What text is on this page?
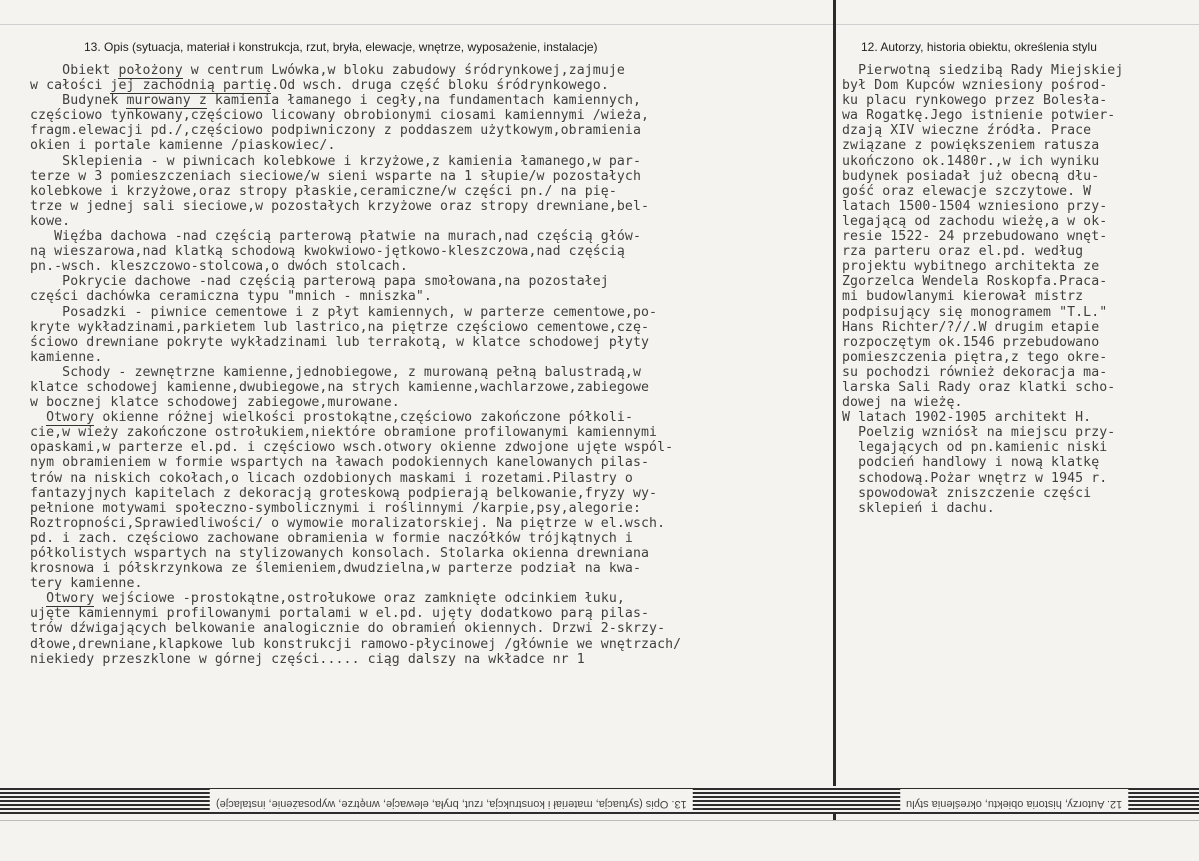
13. Opis (sytuacja, materiał i konstrukcja, rzut, bryła, elewacje, wnętrze, wyposażenie, instalacje)	12. Autorzy, historia obiektu, określenia stylu
Obiekt położony w centrum Lwówka,w bloku zabudowy śródrynkowej,zajmuje
w całości jej zachodnią partię.Od wsch. druga część bloku śródrynkowego.
Budynek murowany z kamienia łamanego i cegły,na fundamentach kamiennych,
częściowo tynkowany,częściowo licowany obrobionymi ciosami kamiennymi /wieża,
fragm.elewacji pd./,częściowo podpiwniczony z poddaszem użytkowym,obramienia
okien i portale kamienne /piaskowiec/.
Sklepienia - w piwnicach kolebkowe i krzyżowe,z kamienia łamanego,w par-
terze w 3 pomieszczeniach sieciowe/w sieni wsparte na 1 słupie/w pozostałych
kolebkowe i krzyżowe,oraz stropy płaskie,ceramiczne/w części pn./ na pię-
trze w jednej sali sieciowe,w pozostałych krzyżowe oraz stropy drewniane,bel-
kowe.
Więźba dachowa -nad częścią parterową płatwie na murach,nad częścią głów-
ną wieszarowa,nad klatką schodową kwokwiowo-jętkowo-kleszczowa,nad częścią
pn.-wsch. kleszczowo-stolcowa,o dwóch stolcach.
Pokrycie dachowe -nad częścią parterową papa smołowana,na pozostałej
części dachówka ceramiczna typu "mnich - mniszka".
Posadzki - piwnice cementowe i z płyt kamiennych, w parterze cementowe,po-
kryte wykładzinami,parkietem lub lastrico,na piętrze częściowo cementowe,czę-
ściowo drewniane pokryte wykładzinami lub terrakotą, w klatce schodowej płyty
kamienne.
Schody - zewnętrzne kamienne,jednobiegowe, z murowaną pełną balustradą,w
klatce schodowej kamienne,dwubiegowe,na strych kamienne,wachlarzowe,zabiegowe
w bocznej klatce schodowej zabiegowe,murowane.
Otwory okienne różnej wielkości prostokątne,częściowo zakończone półkoli-
cie,w wieży zakończone ostrołukiem,niektóre obramione profilowanymi kamiennymi
opaskami,w parterze el.pd. i częściowo wsch.otwory okienne zdwojone ujęte wspól-
nym obramieniem w formie wspartych na ławach podokiennych kanelowanych pilas-
trów na niskich cokołach,o licach ozdobionych maskami i rozetami.Pilastry o
fantazyjnych kapitelach z dekoracją groteskową podpierają belkowanie,fryzy wy-
pełnione motywami społeczno-symbolicznymi i roślinnymi /karpie,psy,alegorie:
Roztropności,Sprawiedliwości/ o wymowie moralizatorskiej. Na piętrze w el.wsch.
pd. i zach. częściowo zachowane obramienia w formie naczółków trójkątnych i
półkolistych wspartych na stylizowanych konsolach. Stolarka okienna drewniana
krosnowa i półskrzynkowa ze ślemieniem,dwudzielna,w parterze podział na kwa-
tery kamienne.
Otwory wejściowe -prostokątne,ostrołukowe oraz zamknięte odcinkiem łuku,
ujęte kamiennymi profilowanymi portalami w el.pd. ujęty dodatkowo parą pilas-
trów dźwigających belkowanie analogicznie do obramień okiennych. Drzwi 2-skrzy-
dłowe,drewniane,klapkowe lub konstrukcji ramowo-płycinowej /głównie we wnętrzach/
niekiedy przeszklone w górnej części..... ciąg dalszy na wkładce nr 1
Pierwotną siedzibą Rady Miejskiej
był Dom Kupców wzniesiony pośrod-
ku placu rynkowego przez Bolesła-
wa Rogatkę.Jego istnienie potwier-
dzają XIV wieczne źródła. Prace
związane z powiększeniem ratusza
ukończono ok.1480r.,w ich wyniku
budynek posiadał już obecną dłu-
gość oraz elewacje szczytowe. W
latach 1500-1504 wzniesiono przy-
legającą od zachodu wieżę,a w ok-
resie 1522- 24 przebudowano wnęt-
rza parteru oraz el.pd. według
projektu wybitnego architekta ze
Zgorzelca Wendela Roskopfa.Praca-
mi budowlanymi kierował mistrz
podpisujący się monogramem "T.L."
Hans Richter/?//.W drugim etapie
rozpoczętym ok.1546 przebudowano
pomieszczenia piętra,z tego okre-
su pochodzi również dekoracja ma-
larska Sali Rady oraz klatki scho-
dowej na wieżę.
W latach 1902-1905 architekt H.
Poelzig wzniósł na miejscu przy-
legających od pn.kamienic niski
podcień handlowy i nową klatkę
schodową.Pożar wnętrz w 1945 r.
spowodował zniszczenie części
sklepień i dachu.
13. Opis (sytuacja, materiał i konstrukcja, rzut, bryła, elewacje, wnętrze, wyposażenie, instalacje)	12. Autorzy, historia obiektu, określenia stylu
